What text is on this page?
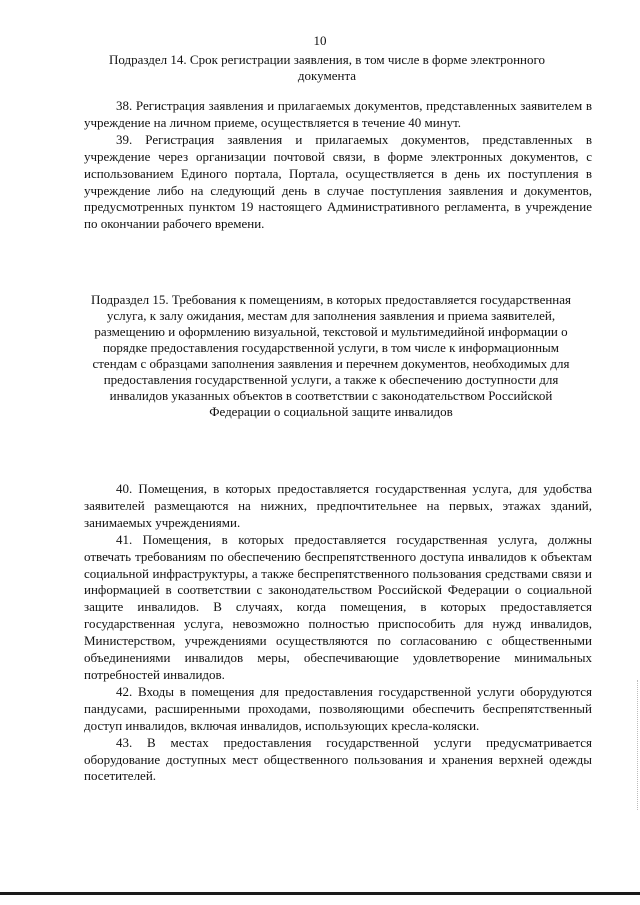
10

Подраздел 14. Срок регистрации заявления, в том числе в форме электронного документа

38. Регистрация заявления и прилагаемых документов, представленных заявителем в учреждение на личном приеме, осуществляется в течение 40 минут.

39. Регистрация заявления и прилагаемых документов, представленных в учреждение через организации почтовой связи, в форме электронных документов, с использованием Единого портала, Портала, осуществляется в день их поступления в учреждение либо на следующий день в случае поступления заявления и документов, предусмотренных пунктом 19 настоящего Административного регламента, в учреждение по окончании рабочего времени.

Подраздел 15. Требования к помещениям, в которых предоставляется государственная услуга, к залу ожидания, местам для заполнения заявления и приема заявителей, размещению и оформлению визуальной, текстовой и мультимедийной информации о порядке предоставления государственной услуги, в том числе к информационным стендам с образцами заполнения заявления и перечнем документов, необходимых для предоставления государственной услуги, а также к обеспечению доступности для инвалидов указанных объектов в соответствии с законодательством Российской Федерации о социальной защите инвалидов

40. Помещения, в которых предоставляется государственная услуга, для удобства заявителей размещаются на нижних, предпочтительнее на первых, этажах зданий, занимаемых учреждениями.

41. Помещения, в которых предоставляется государственная услуга, должны отвечать требованиям по обеспечению беспрепятственного доступа инвалидов к объектам социальной инфраструктуры, а также беспрепятственного пользования средствами связи и информацией в соответствии с законодательством Российской Федерации о социальной защите инвалидов. В случаях, когда помещения, в которых предоставляется государственная услуга, невозможно полностью приспособить для нужд инвалидов, Министерством, учреждениями осуществляются по согласованию с общественными объединениями инвалидов меры, обеспечивающие удовлетворение минимальных потребностей инвалидов.

42. Входы в помещения для предоставления государственной услуги оборудуются пандусами, расширенными проходами, позволяющими обеспечить беспрепятственный доступ инвалидов, включая инвалидов, использующих кресла-коляски.

43. В местах предоставления государственной услуги предусматривается оборудование доступных мест общественного пользования и хранения верхней одежды посетителей.
